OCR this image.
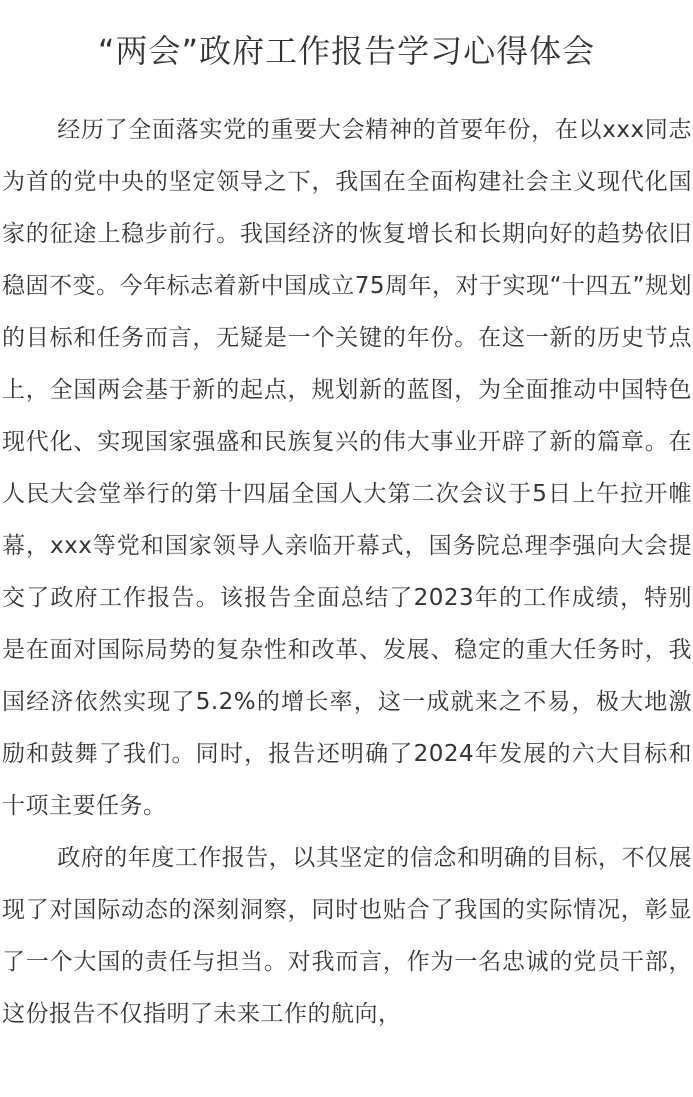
“两会”政府工作报告学习心得体会

经历了全面落实党的重要大会精神的首要年份，在以xxx同志为首的党中央的坚定领导之下，我国在全面构建社会主义现代化国家的征途上稳步前行。我国经济的恢复增长和长期向好的趋势依旧稳固不变。今年标志着新中国成立75周年，对于实现“十四五”规划的目标和任务而言，无疑是一个关键的年份。在这一新的历史节点上，全国两会基于新的起点，规划新的蓝图，为全面推动中国特色现代化、实现国家强盛和民族复兴的伟大事业开辟了新的篇章。在人民大会堂举行的第十四届全国人大第二次会议于5日上午拉开帷幕，xxx等党和国家领导人亲临开幕式，国务院总理李强向大会提交了政府工作报告。该报告全面总结了2023年的工作成绩，特别是在面对国际局势的复杂性和改革、发展、稳定的重大任务时，我国经济依然实现了5.2%的增长率，这一成就来之不易，极大地激励和鼓舞了我们。同时，报告还明确了2024年发展的六大目标和十项主要任务。

政府的年度工作报告，以其坚定的信念和明确的目标，不仅展现了对国际动态的深刻洞察，同时也贴合了我国的实际情况，彰显了一个大国的责任与担当。对我而言，作为一名忠诚的党员干部，这份报告不仅指明了未来工作的航向，
